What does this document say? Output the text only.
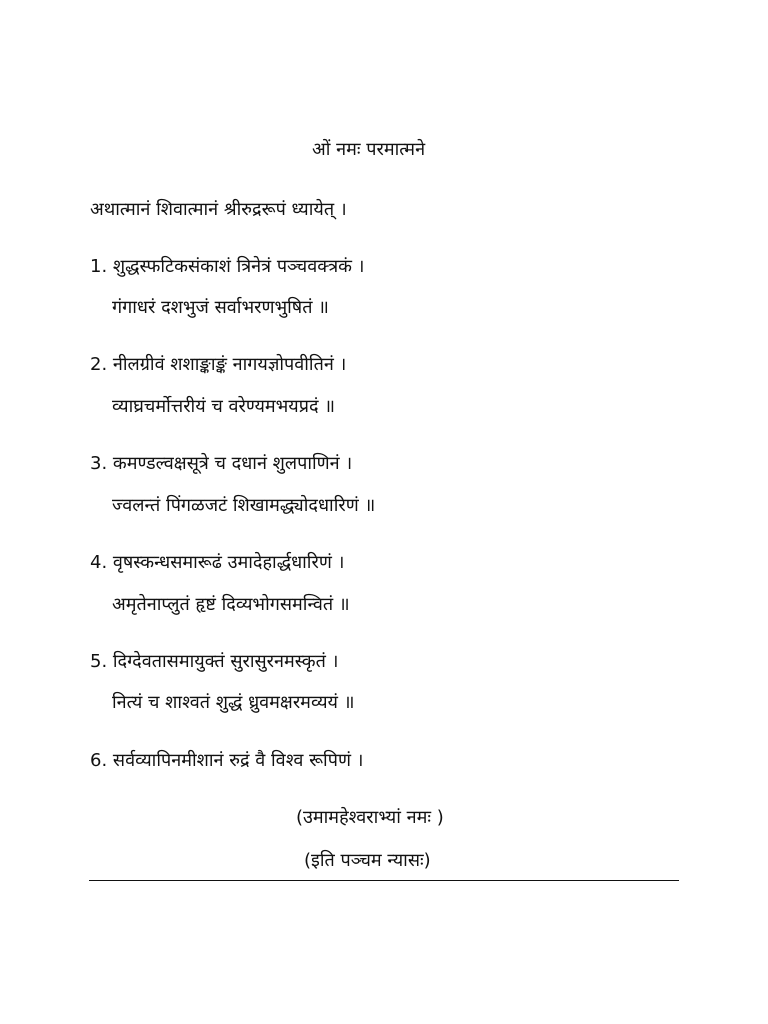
ओं नमः परमात्मने
अथात्मानं शिवात्मानं श्रीरुद्ररूपं ध्यायेत् ।
1. शुद्धस्फटिकसंकाशं त्रिनेत्रं पञ्चवक्त्रकं ।
गंगाधरं दशभुजं सर्वाभरणभुषितं ॥
2. नीलग्रीवं शशाङ्काङ्कं नागयज्ञोपवीतिनं ।
व्याघ्रचर्मोत्तरीयं च वरेण्यमभयप्रदं ॥
3. कमण्डल्वक्षसूत्रे च दधानं शुलपाणिनं ।
ज्वलन्तं पिंगळजटं शिखामद्ध्योदधारिणं ॥
4. वृषस्कन्धसमारूढं उमादेहार्द्धधारिणं ।
अमृतेनाप्लुतं हृष्टं दिव्यभोगसमन्वितं ॥
5. दिग्देवतासमायुक्तं सुरासुरनमस्कृतं ।
नित्यं च शाश्वतं शुद्धं ध्रुवमक्षरमव्ययं ॥
6. सर्वव्यापिनमीशानं रुद्रं वै विश्व रूपिणं ।
(उमामहेश्वराभ्यां नमः )
(इति पञ्चम न्यासः)
